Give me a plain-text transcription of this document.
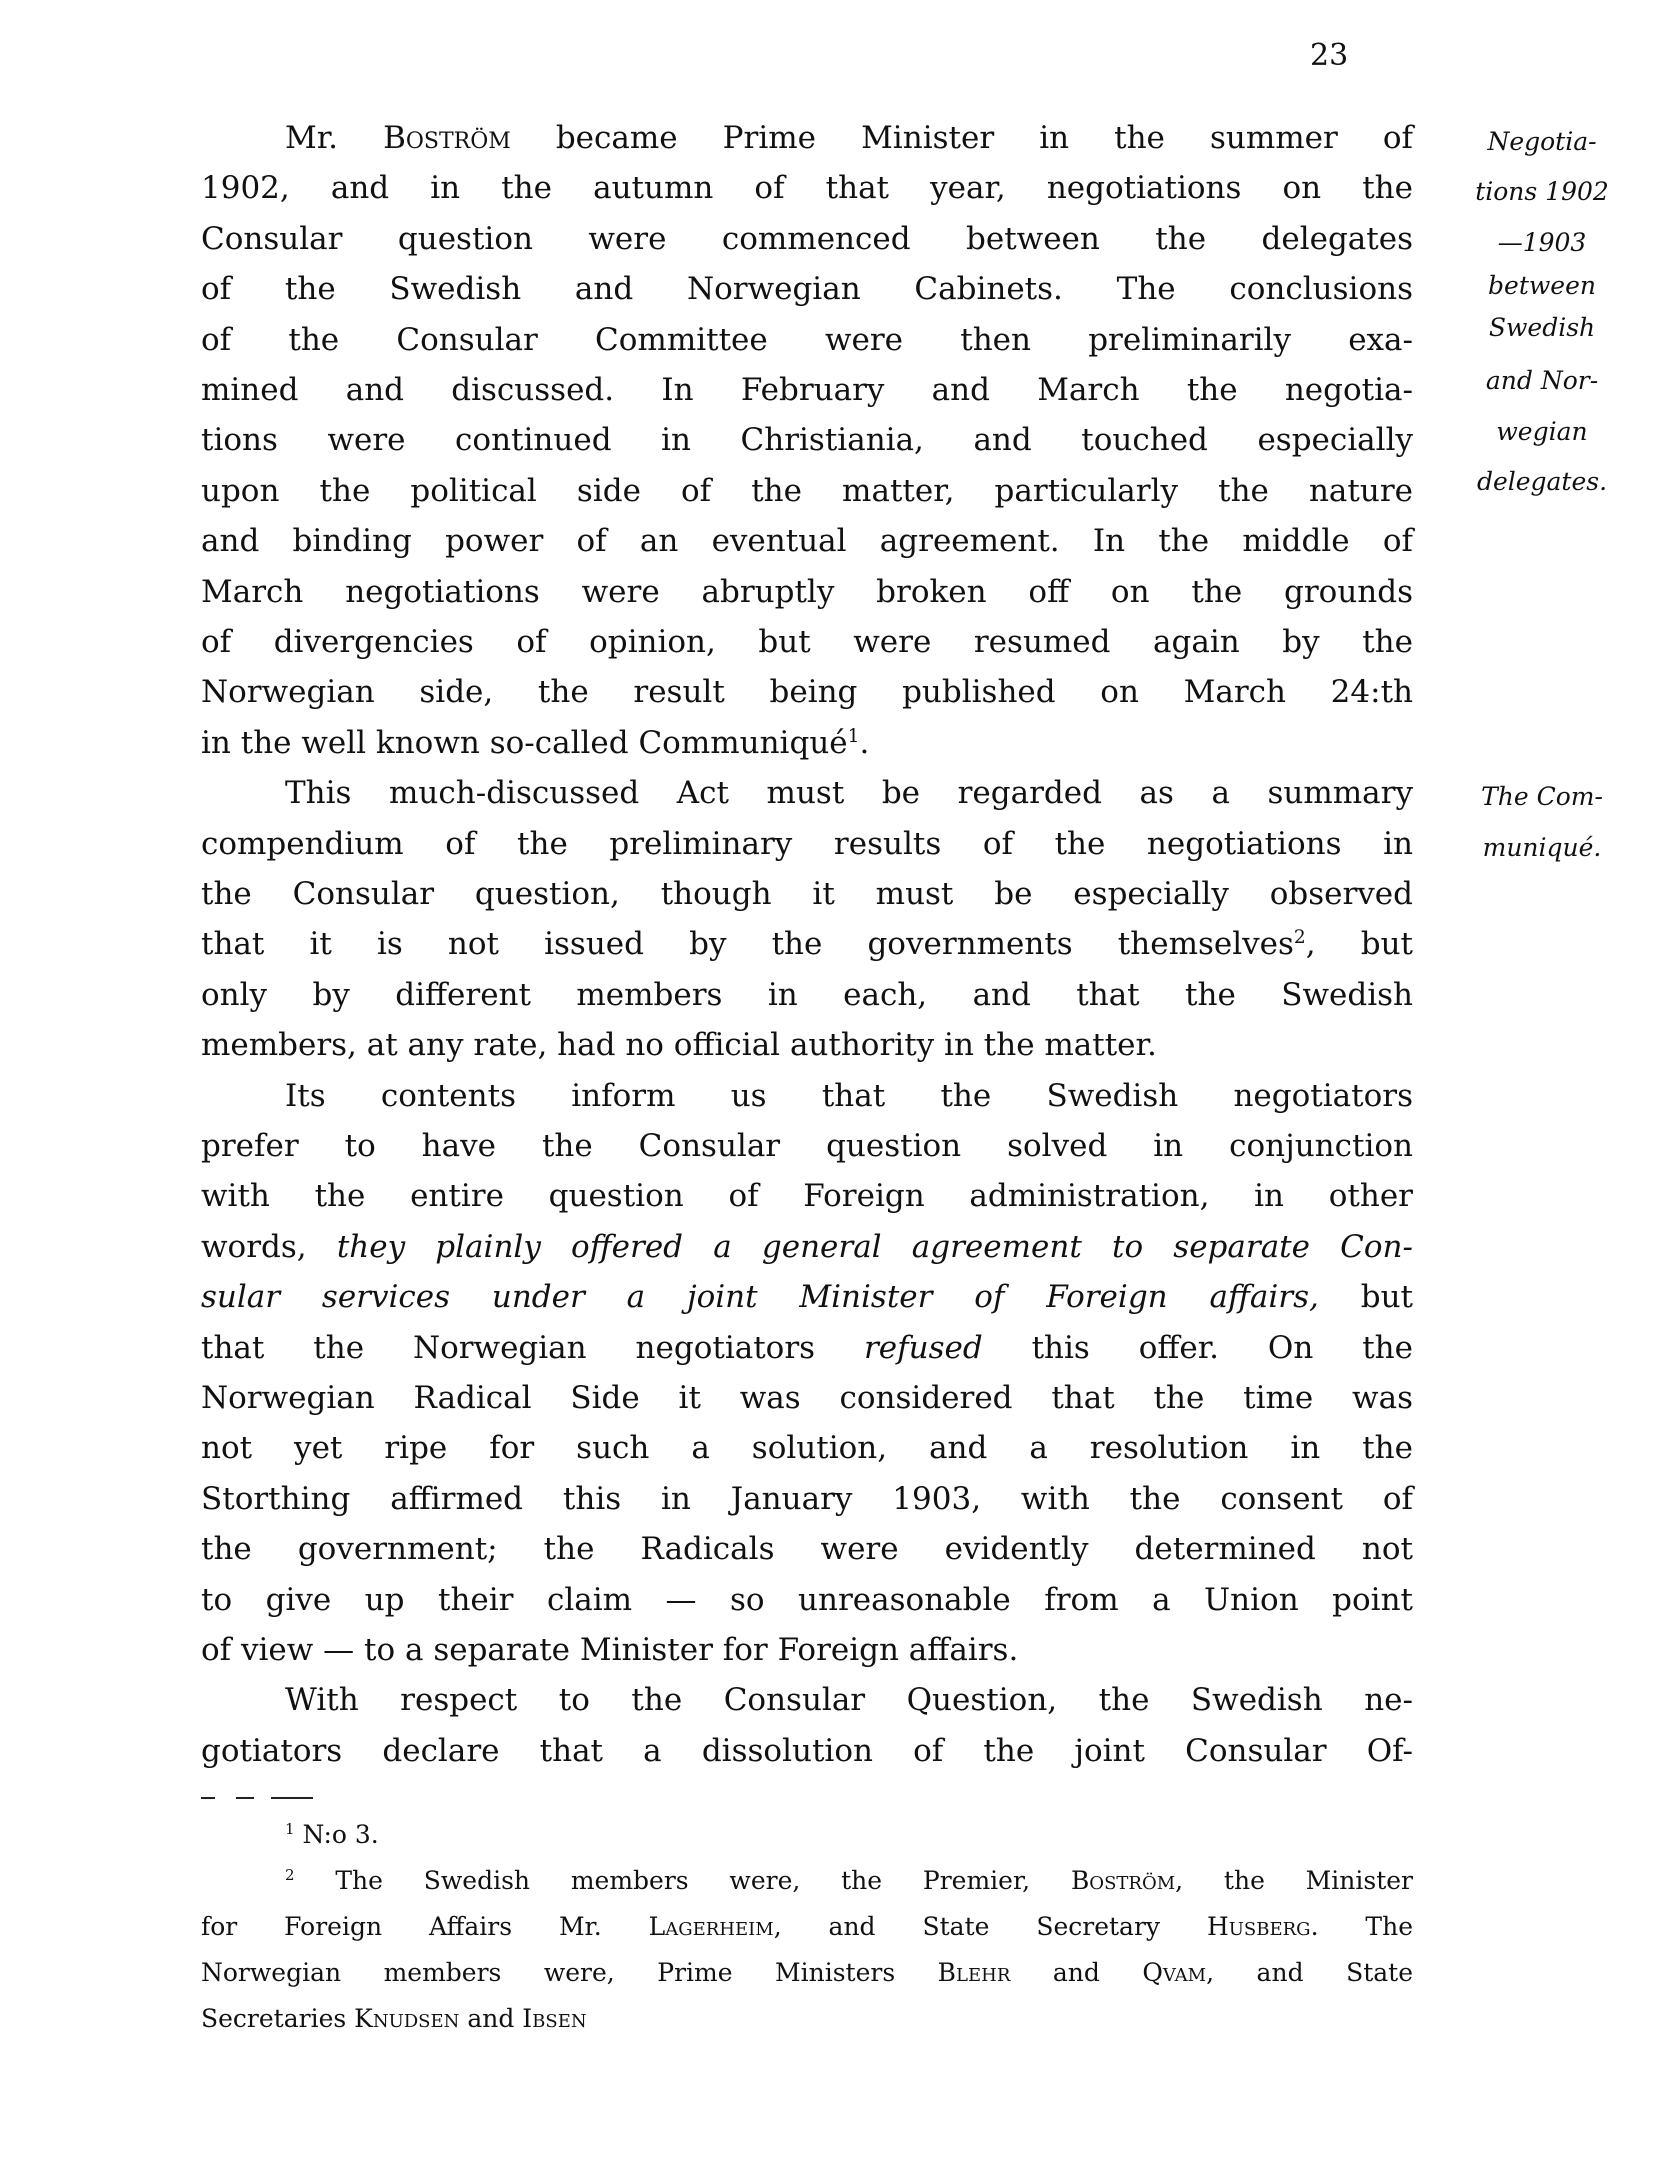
23
Mr. Boström became Prime Minister in the summer of
1902, and in the autumn of that year, negotiations on the
Consular question were commenced between the delegates
of the Swedish and Norwegian Cabinets. The conclusions
of the Consular Committee were then preliminarily exa-
mined and discussed. In February and March the negotia-
tions were continued in Christiania, and touched especially
upon the political side of the matter, particularly the nature
and binding power of an eventual agreement. In the middle of
March negotiations were abruptly broken off on the grounds
of divergencies of opinion, but were resumed again by the
Norwegian side, the result being published on March 24:th
in the well known so-called Communiqué$^1$.
This much-discussed Act must be regarded as a summary
compendium of the preliminary results of the negotiations in
the Consular question, though it must be especially observed
that it is not issued by the governments themselves$^2$, but
only by different members in each, and that the Swedish
members, at any rate, had no official authority in the matter.
Its contents inform us that the Swedish negotiators
prefer to have the Consular question solved in conjunction
with the entire question of Foreign administration, in other
words, they plainly offered a general agreement to separate Con-
sular services under a joint Minister of Foreign affairs, but
that the Norwegian negotiators refused this offer. On the
Norwegian Radical Side it was considered that the time was
not yet ripe for such a solution, and a resolution in the
Storthing affirmed this in January 1903, with the consent of
the government; the Radicals were evidently determined not
to give up their claim — so unreasonable from a Union point
of view — to a separate Minister for Foreign affairs.
With respect to the Consular Question, the Swedish ne-
gotiators declare that a dissolution of the joint Consular Of-
Negotia-
tions 1902
—1903
between
Swedish
and Nor-
wegian
delegates.
The Com-
muniqué.
$^1$ N:o 3.
$^2$ The Swedish members were, the Premier, Boström, the Minister
for Foreign Affairs Mr. Lagerheim, and State Secretary Husberg. The
Norwegian members were, Prime Ministers Blehr and Qvam, and State
Secretaries Knudsen and Ibsen
